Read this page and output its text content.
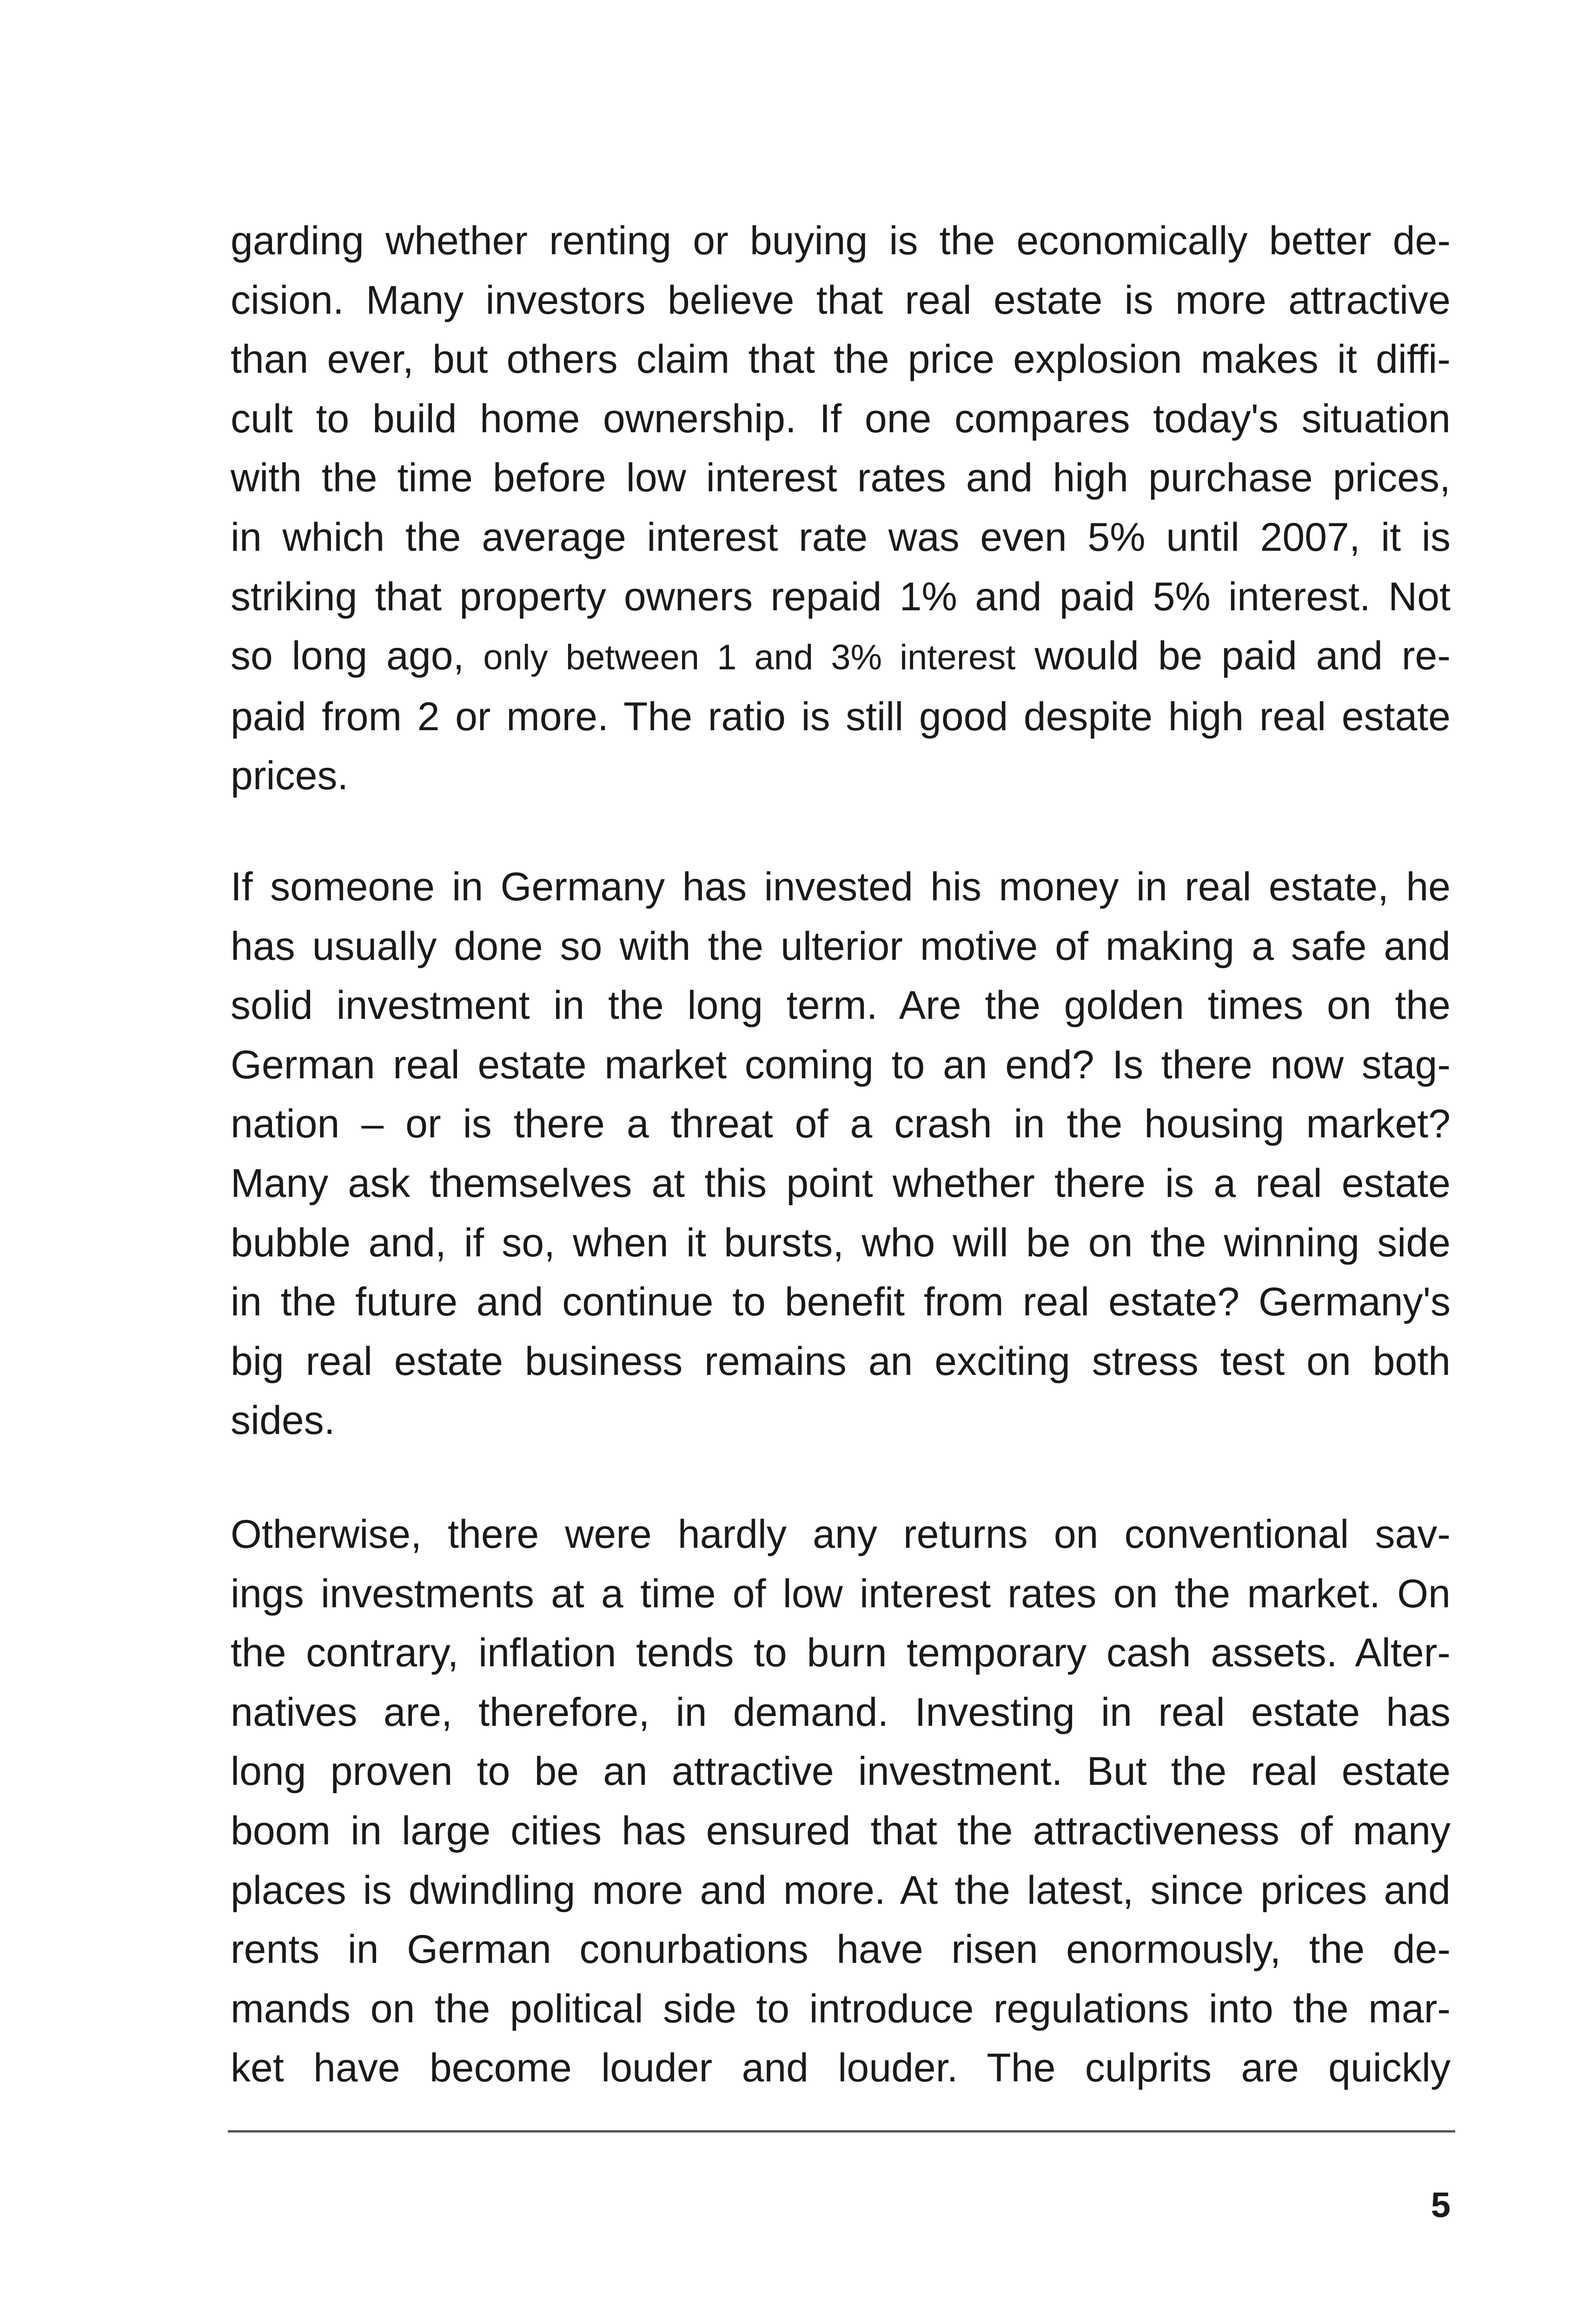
garding whether renting or buying is the economically better de-
cision. Many investors believe that real estate is more attractive
than ever, but others claim that the price explosion makes it diffi-
cult to build home ownership. If one compares today's situation
with the time before low interest rates and high purchase prices,
in which the average interest rate was even 5% until 2007, it is
striking that property owners repaid 1% and paid 5% interest. Not
so long ago, only between 1 and 3% interest would be paid and re-
paid from 2 or more. The ratio is still good despite high real estate
prices.
If someone in Germany has invested his money in real estate, he
has usually done so with the ulterior motive of making a safe and
solid investment in the long term. Are the golden times on the
German real estate market coming to an end? Is there now stag-
nation – or is there a threat of a crash in the housing market?
Many ask themselves at this point whether there is a real estate
bubble and, if so, when it bursts, who will be on the winning side
in the future and continue to benefit from real estate? Germany's
big real estate business remains an exciting stress test on both
sides.
Otherwise, there were hardly any returns on conventional sav-
ings investments at a time of low interest rates on the market. On
the contrary, inflation tends to burn temporary cash assets. Alter-
natives are, therefore, in demand. Investing in real estate has
long proven to be an attractive investment. But the real estate
boom in large cities has ensured that the attractiveness of many
places is dwindling more and more. At the latest, since prices and
rents in German conurbations have risen enormously, the de-
mands on the political side to introduce regulations into the mar-
ket have become louder and louder. The culprits are quickly
5
